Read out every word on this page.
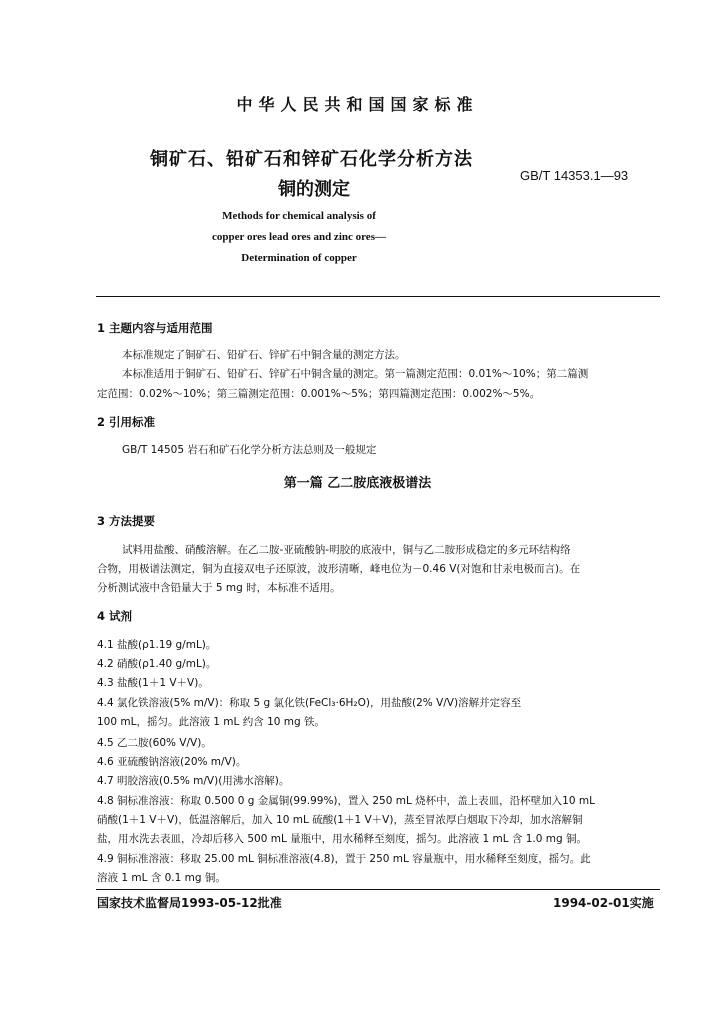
中华人民共和国国家标准
铜矿石、铅矿石和锌矿石化学分析方法
铜的测定
GB/T 14353.1—93
Methods for chemical analysis of
copper ores lead ores and zinc ores—
Determination of copper
1 主题内容与适用范围
本标准规定了铜矿石、铅矿石、锌矿石中铜含量的测定方法。
本标准适用于铜矿石、铅矿石、锌矿石中铜含量的测定。第一篇测定范围：0.01%～10%；第二篇测
定范围：0.02%～10%；第三篇测定范围：0.001%～5%；第四篇测定范围：0.002%～5%。
2 引用标准
GB/T 14505 岩石和矿石化学分析方法总则及一般规定
第一篇 乙二胺底液极谱法
3 方法提要
试料用盐酸、硝酸溶解。在乙二胺-亚硫酸钠-明胶的底液中，铜与乙二胺形成稳定的多元环结构络
合物，用极谱法测定，铜为直接双电子还原波，波形清晰，峰电位为－0.46 V(对饱和甘汞电极而言)。在
分析测试液中含铅量大于 5 mg 时，本标准不适用。
4 试剂
4.1 盐酸(ρ1.19 g/mL)。
4.2 硝酸(ρ1.40 g/mL)。
4.3 盐酸(1＋1 V＋V)。
4.4 氯化铁溶液(5% m/V)：称取 5 g 氯化铁(FeCl₃·6H₂O)，用盐酸(2% V/V)溶解并定容至
100 mL，摇匀。此溶液 1 mL 约含 10 mg 铁。
4.5 乙二胺(60% V/V)。
4.6 亚硫酸钠溶液(20% m/V)。
4.7 明胶溶液(0.5% m/V)(用沸水溶解)。
4.8 铜标准溶液：称取 0.500 0 g 金属铜(99.99%)，置入 250 mL 烧杯中，盖上表皿，沿杯壁加入10 mL
硝酸(1＋1 V＋V)，低温溶解后，加入 10 mL 硫酸(1＋1 V＋V)，蒸至冒浓厚白烟取下冷却，加水溶解铜
盐，用水洗去表皿，冷却后移入 500 mL 量瓶中，用水稀释至刻度，摇匀。此溶液 1 mL 含 1.0 mg 铜。
4.9 铜标准溶液：移取 25.00 mL 铜标准溶液(4.8)，置于 250 mL 容量瓶中，用水稀释至刻度，摇匀。此
溶液 1 mL 含 0.1 mg 铜。
国家技术监督局1993-05-12批准	1994-02-01实施
